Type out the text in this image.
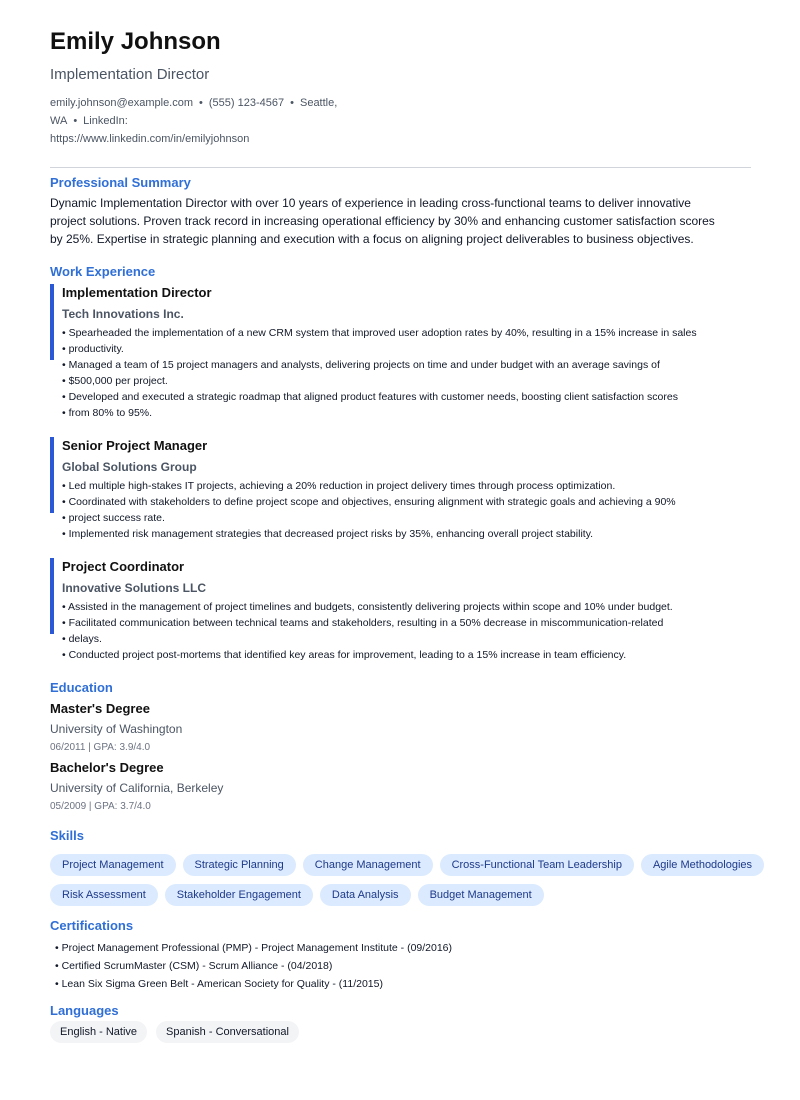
Emily Johnson
Implementation Director
emily.johnson@example.com • (555) 123-4567 • Seattle, WA • LinkedIn:
https://www.linkedin.com/in/emilyjohnson
Professional Summary
Dynamic Implementation Director with over 10 years of experience in leading cross-functional teams to deliver innovative
project solutions. Proven track record in increasing operational efficiency by 30% and enhancing customer satisfaction scores
by 25%. Expertise in strategic planning and execution with a focus on aligning project deliverables to business objectives.
Work Experience
Implementation Director
Tech Innovations Inc.
• Spearheaded the implementation of a new CRM system that improved user adoption rates by 40%, resulting in a 15% increase in sales
• productivity.
• Managed a team of 15 project managers and analysts, delivering projects on time and under budget with an average savings of
• $500,000 per project.
• Developed and executed a strategic roadmap that aligned product features with customer needs, boosting client satisfaction scores
• from 80% to 95%.
Senior Project Manager
Global Solutions Group
• Led multiple high-stakes IT projects, achieving a 20% reduction in project delivery times through process optimization.
• Coordinated with stakeholders to define project scope and objectives, ensuring alignment with strategic goals and achieving a 90%
• project success rate.
• Implemented risk management strategies that decreased project risks by 35%, enhancing overall project stability.
Project Coordinator
Innovative Solutions LLC
• Assisted in the management of project timelines and budgets, consistently delivering projects within scope and 10% under budget.
• Facilitated communication between technical teams and stakeholders, resulting in a 50% decrease in miscommunication-related
• delays.
• Conducted project post-mortems that identified key areas for improvement, leading to a 15% increase in team efficiency.
Education
Master's Degree
University of Washington
06/2011 | GPA: 3.9/4.0
Bachelor's Degree
University of California, Berkeley
05/2009 | GPA: 3.7/4.0
Skills
Project Management	Strategic Planning	Change Management	Cross-Functional Team Leadership	Agile Methodologies
Risk Assessment	Stakeholder Engagement	Data Analysis	Budget Management
Certifications
• Project Management Professional (PMP) - Project Management Institute - (09/2016)
• Certified ScrumMaster (CSM) - Scrum Alliance - (04/2018)
• Lean Six Sigma Green Belt - American Society for Quality - (11/2015)
Languages
English - Native	Spanish - Conversational
